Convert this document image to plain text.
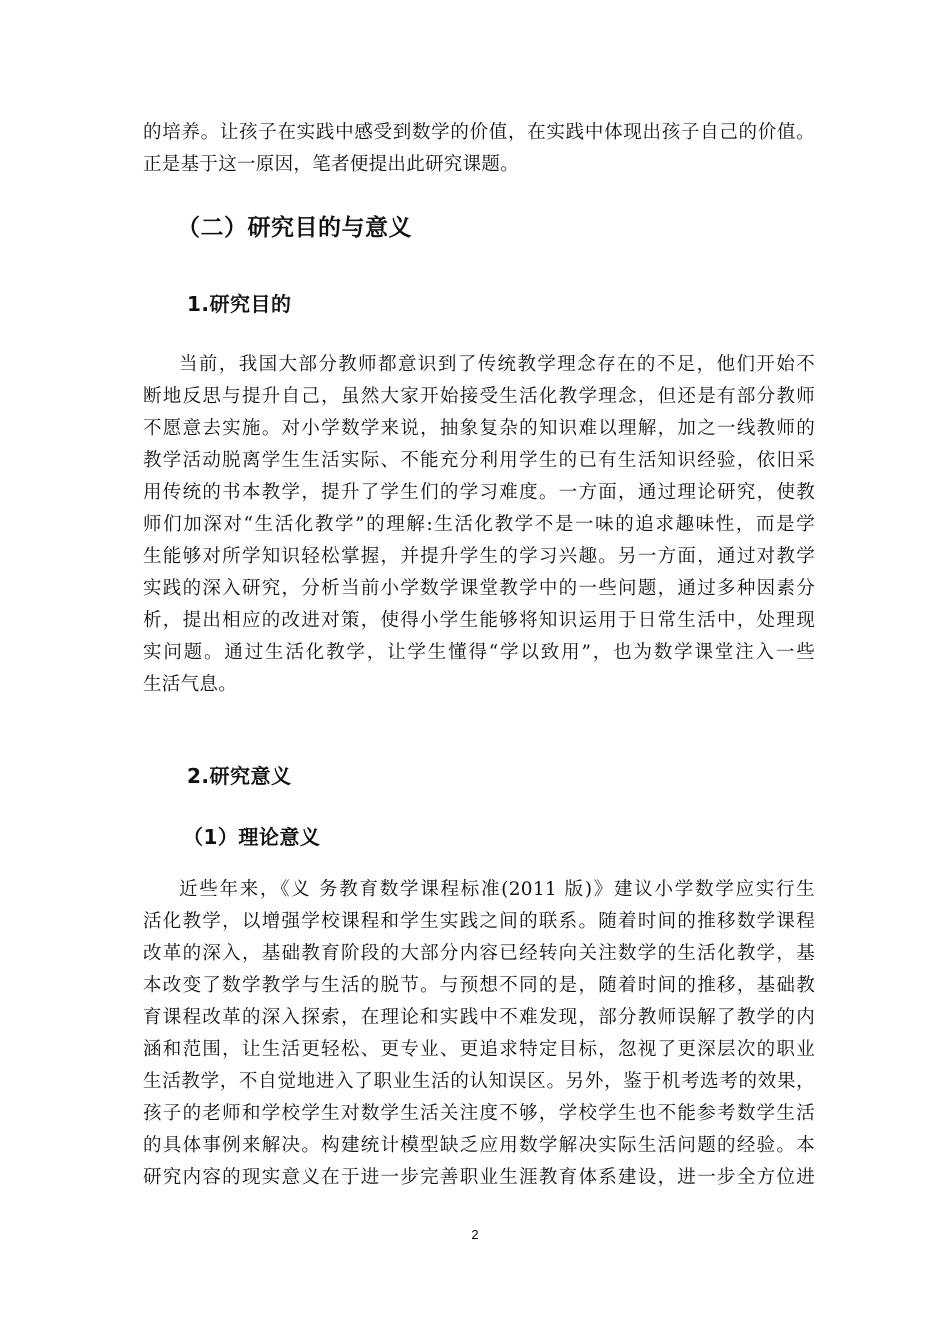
的培养。让孩子在实践中感受到数学的价值，在实践中体现出孩子自己的价值。
正是基于这一原因，笔者便提出此研究课题。
（二）研究目的与意义
1.研究目的
当前，我国大部分教师都意识到了传统教学理念存在的不足，他们开始不
断地反思与提升自己，虽然大家开始接受生活化教学理念，但还是有部分教师
不愿意去实施。对小学数学来说，抽象复杂的知识难以理解，加之一线教师的
教学活动脱离学生生活实际、不能充分利用学生的已有生活知识经验，依旧采
用传统的书本教学，提升了学生们的学习难度。一方面，通过理论研究，使教
师们加深对“生活化教学”的理解:生活化教学不是一味的追求趣味性，而是学
生能够对所学知识轻松掌握，并提升学生的学习兴趣。另一方面，通过对教学
实践的深入研究，分析当前小学数学课堂教学中的一些问题，通过多种因素分
析，提出相应的改进对策，使得小学生能够将知识运用于日常生活中，处理现
实问题。通过生活化教学，让学生懂得“学以致用”，也为数学课堂注入一些
生活气息。
2.研究意义
（1）理论意义
近些年来，《义 务教育数学课程标准(2011 版)》建议小学数学应实行生
活化教学，以增强学校课程和学生实践之间的联系。随着时间的推移数学课程
改革的深入，基础教育阶段的大部分内容已经转向关注数学的生活化教学，基
本改变了数学教学与生活的脱节。与预想不同的是，随着时间的推移，基础教
育课程改革的深入探索，在理论和实践中不难发现，部分教师误解了教学的内
涵和范围，让生活更轻松、更专业、更追求特定目标，忽视了更深层次的职业
生活教学，不自觉地进入了职业生活的认知误区。另外，鉴于机考选考的效果，
孩子的老师和学校学生对数学生活关注度不够，学校学生也不能参考数学生活
的具体事例来解决。构建统计模型缺乏应用数学解决实际生活问题的经验。本
研究内容的现实意义在于进一步完善职业生涯教育体系建设，进一步全方位进
2
